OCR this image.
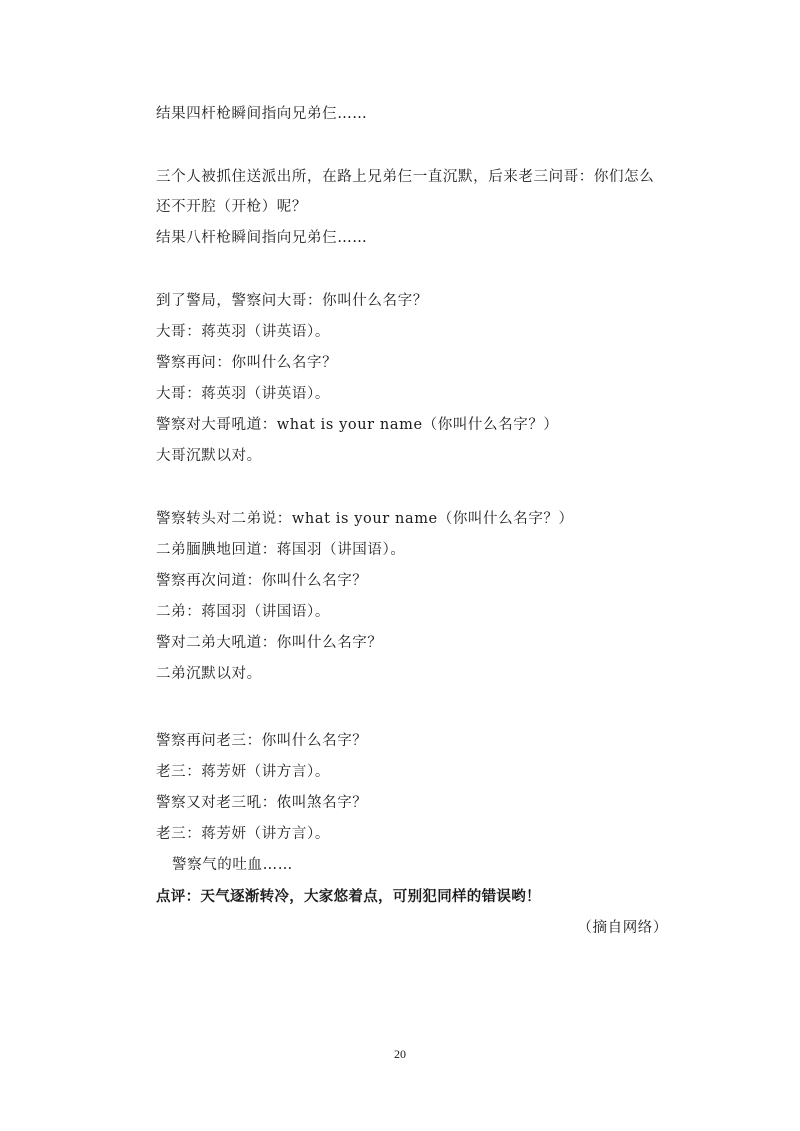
结果四杆枪瞬间指向兄弟仨……
三个人被抓住送派出所，在路上兄弟仨一直沉默，后来老三问哥：你们怎么
还不开腔（开枪）呢？
结果八杆枪瞬间指向兄弟仨……
到了警局，警察问大哥：你叫什么名字？
大哥：蒋英羽（讲英语）。
警察再问：你叫什么名字？
大哥：蒋英羽（讲英语）。
警察对大哥吼道：what is your name（你叫什么名字？）
大哥沉默以对。
警察转头对二弟说：what is your name（你叫什么名字？）
二弟腼腆地回道：蒋国羽（讲国语）。
警察再次问道：你叫什么名字？
二弟：蒋国羽（讲国语）。
警对二弟大吼道：你叫什么名字？
二弟沉默以对。
警察再问老三：你叫什么名字？
老三：蒋芳妍（讲方言）。
警察又对老三吼：侬叫煞名字？
老三：蒋芳妍（讲方言）。
警察气的吐血……
点评：天气逐渐转冷，大家悠着点，可别犯同样的错误哟！
（摘自网络）
20
